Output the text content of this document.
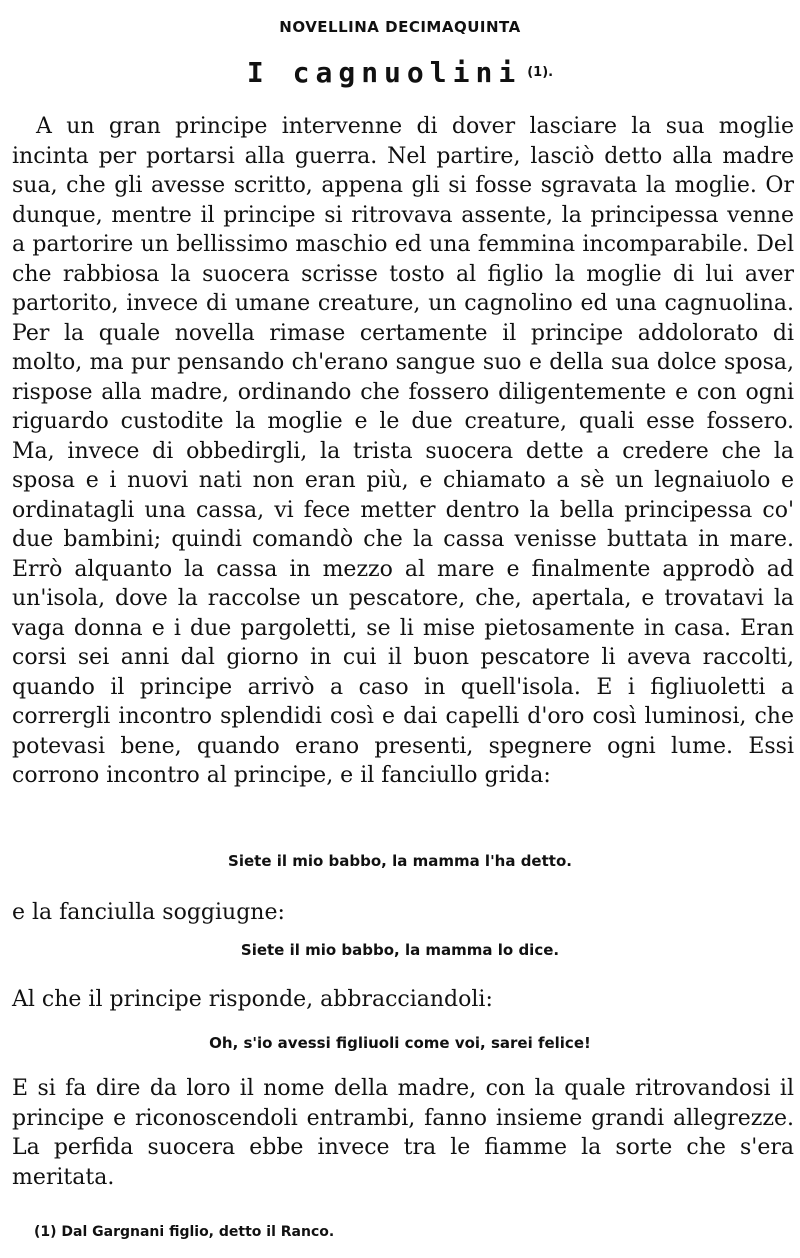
NOVELLINA DECIMAQUINTA
I cagnuolini $^{(1).}$
A un gran principe intervenne di dover lasciare la sua moglie incinta per portarsi alla guerra. Nel partire, lasciò detto alla madre sua, che gli avesse scritto, appena gli si fosse sgravata la moglie. Or dunque, mentre il principe si ritrovava assente, la principessa venne a partorire un bellissimo maschio ed una femmina incomparabile. Del che rabbiosa la suocera scrisse tosto al figlio la moglie di lui aver partorito, invece di umane creature, un cagnolino ed una cagnuolina. Per la quale novella rimase certamente il principe addolorato di molto, ma pur pensando ch'erano sangue suo e della sua dolce sposa, rispose alla madre, ordinando che fossero diligentemente e con ogni riguardo custodite la moglie e le due creature, quali esse fossero. Ma, invece di obbedirgli, la trista suocera dette a credere che la sposa e i nuovi nati non eran più, e chiamato a sè un legnaiuolo e ordinatagli una cassa, vi fece metter dentro la bella principessa co' due bambini; quindi comandò che la cassa venisse buttata in mare. Errò alquanto la cassa in mezzo al mare e finalmente approdò ad un'isola, dove la raccolse un pescatore, che, apertala, e trovatavi la vaga donna e i due pargoletti, se li mise pietosamente in casa. Eran corsi sei anni dal giorno in cui il buon pescatore li aveva raccolti, quando il principe arrivò a caso in quell'isola. E i figliuoletti a corrergli incontro splendidi così e dai capelli d'oro così luminosi, che potevasi bene, quando erano presenti, spegnere ogni lume. Essi corrono incontro al principe, e il fanciullo grida:
Siete il mio babbo, la mamma l'ha detto.
e la fanciulla soggiugne:
Siete il mio babbo, la mamma lo dice.
Al che il principe risponde, abbracciandoli:
Oh, s'io avessi figliuoli come voi, sarei felice!
E si fa dire da loro il nome della madre, con la quale ritrovandosi il principe e riconoscendoli entrambi, fanno insieme grandi allegrezze. La perfida suocera ebbe invece tra le fiamme la sorte che s'era meritata.
(1) Dal Gargnani figlio, detto il Ranco.
